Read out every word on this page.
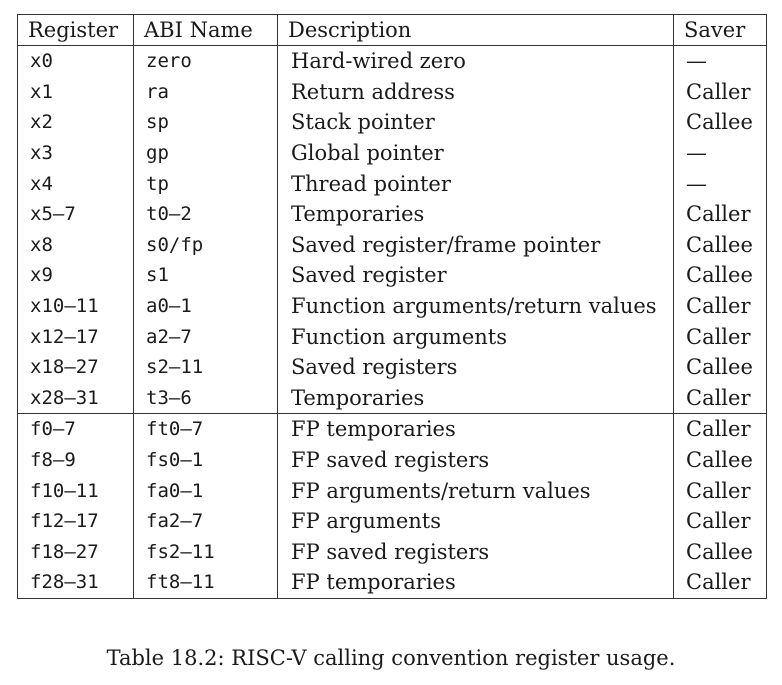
Register	ABI Name	Description	Saver
x0	zero	Hard-wired zero	—
x1	ra	Return address	Caller
x2	sp	Stack pointer	Callee
x3	gp	Global pointer	—
x4	tp	Thread pointer	—
x5–7	t0–2	Temporaries	Caller
x8	s0/fp	Saved register/frame pointer	Callee
x9	s1	Saved register	Callee
x10–11	a0–1	Function arguments/return values	Caller
x12–17	a2–7	Function arguments	Caller
x18–27	s2–11	Saved registers	Callee
x28–31	t3–6	Temporaries	Caller
f0–7	ft0–7	FP temporaries	Caller
f8–9	fs0–1	FP saved registers	Callee
f10–11	fa0–1	FP arguments/return values	Caller
f12–17	fa2–7	FP arguments	Caller
f18–27	fs2–11	FP saved registers	Callee
f28–31	ft8–11	FP temporaries	Caller
Table 18.2: RISC-V calling convention register usage.
